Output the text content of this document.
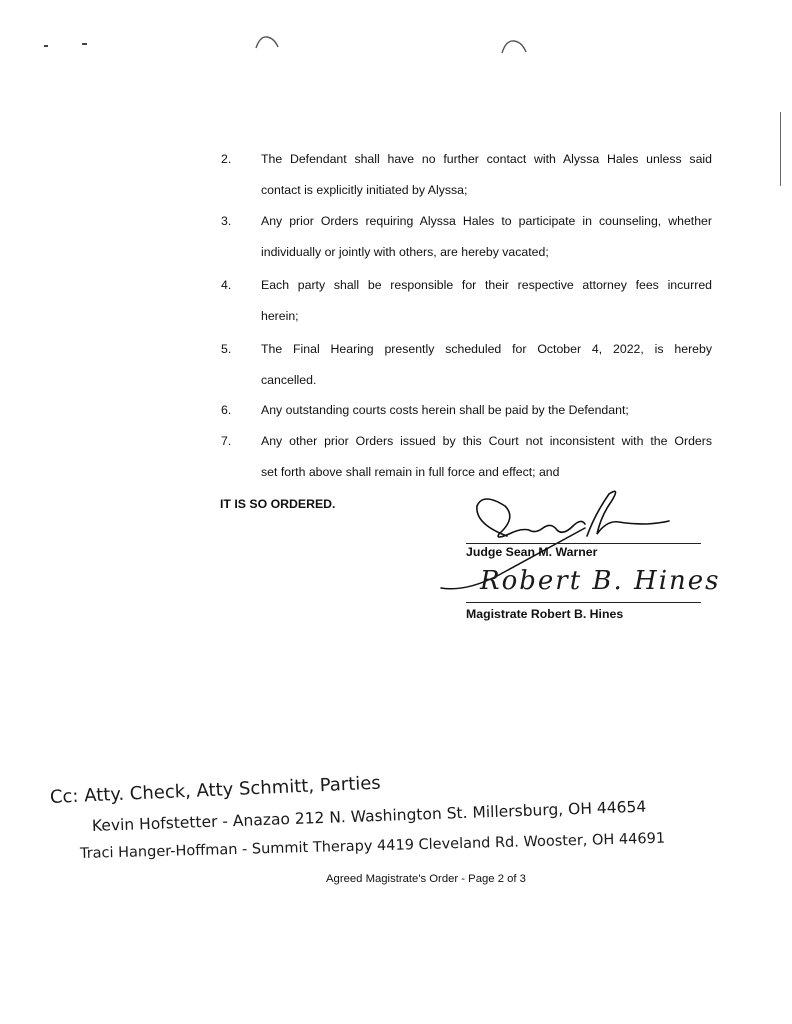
2. The Defendant shall have no further contact with Alyssa Hales unless said
contact is explicitly initiated by Alyssa;
3. Any prior Orders requiring Alyssa Hales to participate in counseling, whether
individually or jointly with others, are hereby vacated;
4. Each party shall be responsible for their respective attorney fees incurred
herein;
5. The Final Hearing presently scheduled for October 4, 2022, is hereby
cancelled.
6. Any outstanding courts costs herein shall be paid by the Defendant;
7. Any other prior Orders issued by this Court not inconsistent with the Orders
set forth above shall remain in full force and effect; and
IT IS SO ORDERED.
Judge Sean M. Warner
Robert B. Hines
Magistrate Robert B. Hines
Cc: Atty. Check, Atty Schmitt, Parties
Kevin Hofstetter - Anazao 212 N. Washington St. Millersburg, OH 44654
Traci Hanger-Hoffman - Summit Therapy 4419 Cleveland Rd. Wooster, OH 44691
Agreed Magistrate's Order - Page 2 of 3
